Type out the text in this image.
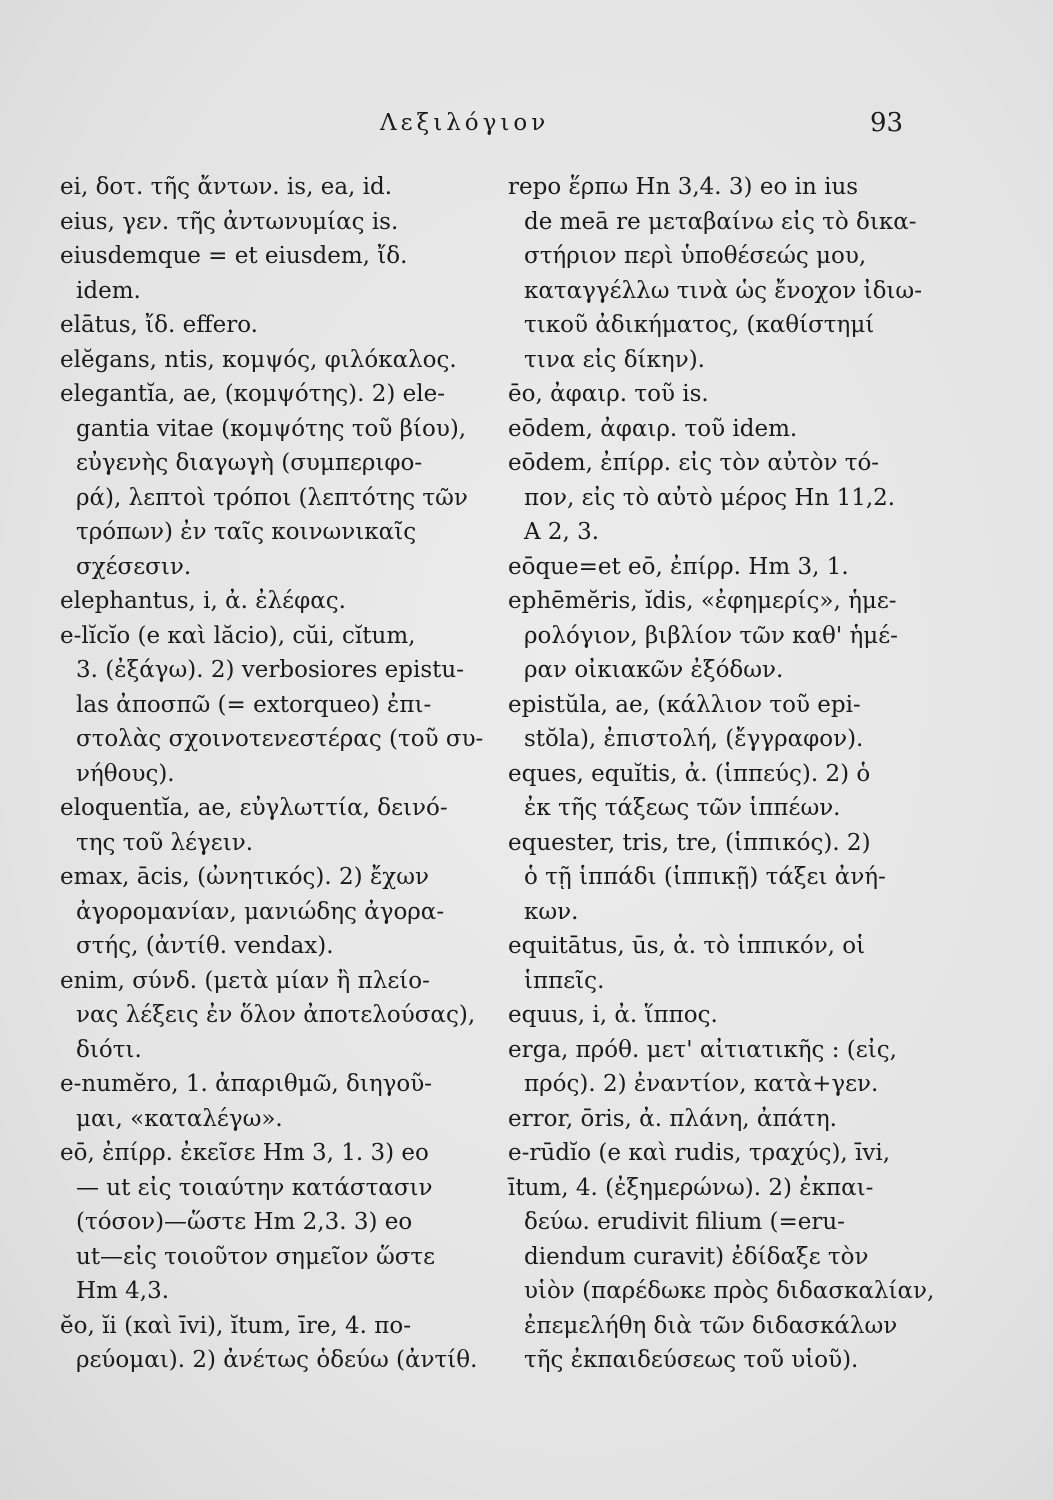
Λεξιλόγιον	93
ei, δοτ. τῆς ἄντων. is, ea, id.
eius, γεν. τῆς ἀντωνυμίας is.
eiusdemque = et eiusdem, ἴδ.
idem.
elātus, ἴδ. effero.
elĕgans, ntis, κομψός, φιλόκαλος.
elegantĭa, ae, (κομψότης). 2) ele-
gantia vitae (κομψότης τοῦ βίου),
εὐγενὴς διαγωγὴ (συμπεριφο-
ρά), λεπτοὶ τρόποι (λεπτότης τῶν
τρόπων) ἐν ταῖς κοινωνικαῖς
σχέσεσιν.
elephantus, i, ἀ. ἐλέφας.
e-lĭcĭo (e καὶ lăcio), cŭi, cĭtum,
3. (ἐξάγω). 2) verbosiores epistu-
las ἀποσπῶ (= extorqueo) ἐπι-
στολὰς σχοινοτενεστέρας (τοῦ συ-
νήθους).
eloquentĭa, ae, εὐγλωττία, δεινό-
της τοῦ λέγειν.
emax, ācis, (ὠνητικός). 2) ἔχων
ἀγορομανίαν, μανιώδης ἀγορα-
στής, (ἀντίθ. vendax).
enim, σύνδ. (μετὰ μίαν ἢ πλείο-
νας λέξεις ἐν ὅλον ἀποτελούσας),
διότι.
e-numĕro, 1. ἀπαριθμῶ, διηγοῦ-
μαι, «καταλέγω».
eō, ἐπίρρ. ἐκεῖσε Hm 3, 1. 3) eo
— ut εἰς τοιαύτην κατάστασιν
(τόσον)—ὥστε Hm 2,3. 3) eo
ut—εἰς τοιοῦτον σημεῖον ὥστε
Hm 4,3.
ĕo, ĭi (καὶ īvi), ĭtum, īre, 4. πο-
ρεύομαι). 2) ἀνέτως ὁδεύω (ἀντίθ.
repo ἕρπω Hn 3,4. 3) eo in ius
de meā re μεταβαίνω εἰς τὸ δικα-
στήριον περὶ ὑποθέσεώς μου,
καταγγέλλω τινὰ ὡς ἔνοχον ἰδιω-
τικοῦ ἀδικήματος, (καθίστημί
τινα εἰς δίκην).
ēo, ἀφαιρ. τοῦ is.
eōdem, ἀφαιρ. τοῦ idem.
eōdem, ἐπίρρ. εἰς τὸν αὐτὸν τό-
πον, εἰς τὸ αὐτὸ μέρος Hn 11,2.
A 2, 3.
eōque=et eō, ἐπίρρ. Hm 3, 1.
ephēmĕris, ĭdis, «ἐφημερίς», ἡμε-
ρολόγιον, βιβλίον τῶν καθ' ἡμέ-
ραν οἰκιακῶν ἐξόδων.
epistŭla, ae, (κάλλιον τοῦ epi-
stŏla), ἐπιστολή, (ἔγγραφον).
eques, equĭtis, ἀ. (ἱππεύς). 2) ὁ
ἐκ τῆς τάξεως τῶν ἱππέων.
equester, tris, tre, (ἱππικός). 2)
ὁ τῇ ἱππάδι (ἱππικῇ) τάξει ἀνή-
κων.
equitātus, ūs, ἀ. τὸ ἱππικόν, οἱ
ἱππεῖς.
equus, i, ἀ. ἵππος.
erga, πρόθ. μετ' αἰτιατικῆς : (εἰς,
πρός). 2) ἐναντίον, κατὰ+γεν.
error, ōris, ἀ. πλάνη, ἀπάτη.
e-rūdĭo (e καὶ rudis, τραχύς), īvi,
ītum, 4. (ἐξημερώνω). 2) ἐκπαι-
δεύω. erudivit filium (=eru-
diendum curavit) ἐδίδαξε τὸν
υἱὸν (παρέδωκε πρὸς διδασκαλίαν,
ἐπεμελήθη διὰ τῶν διδασκάλων
τῆς ἐκπαιδεύσεως τοῦ υἱοῦ).
